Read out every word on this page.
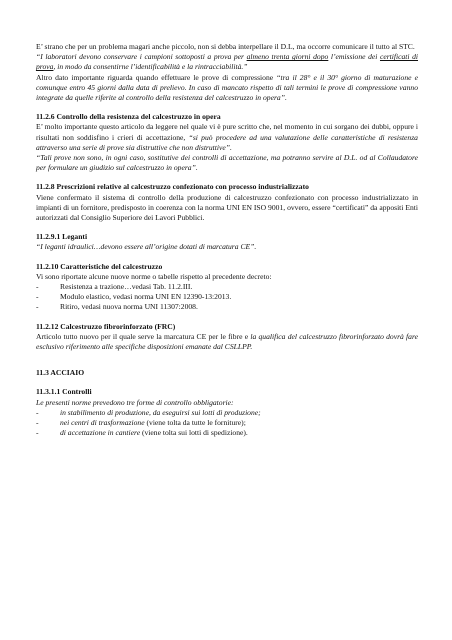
E’ strano che per un problema magari anche piccolo, non si debba interpellare il D.L, ma occorre comunicare il tutto al STC.

“I laboratori devono conservare i campioni sottoposti a prova per almeno trenta giorni dopo l’emissione dei certificati di prova, in modo da consentirne l’identificabilità e la rintracciabilità.”

Altro dato importante riguarda quando effettuare le prove di compressione “tra il 28° e il 30° giorno di maturazione e comunque entro 45 giorni dalla data di prelievo. In caso di mancato rispetto di tali termini le prove di compressione vanno integrate da quelle riferite al controllo della resistenza del calcestruzzo in opera”.

11.2.6 Controllo della resistenza del calcestruzzo in opera

E’ molto importante questo articolo da leggere nel quale vi è pure scritto che, nel momento in cui sorgano dei dubbi, oppure i risultati non soddisfino i crieri di accettazione, “si può procedere ad una valutazione delle caratteristiche di resistenza attraverso una serie di prove sia distruttive che non distruttive”.

“Tali prove non sono, in ogni caso, sostitutive dei controlli di accettazione, ma potranno servire al D.L. od al Collaudatore per formulare un giudizio sul calcestruzzo in opera”.

11.2.8 Prescrizioni relative al calcestruzzo confezionato con processo industrializzato

Viene confermato il sistema di controllo della produzione di calcestruzzo confezionato con processo industrializzato in impianti di un fornitore, predisposto in coerenza con la norma UNI EN ISO 9001, ovvero, essere “certificati” da appositi Enti autorizzati dal Consiglio Superiore dei Lavori Pubblici.

11.2.9.1 Leganti

“I leganti idraulici…devono essere all’origine dotati di marcatura CE”.

11.2.10 Caratteristiche del calcestruzzo

Vi sono riportate alcune nuove norme o tabelle rispetto al precedente decreto:

- Resistenza a trazione…vedasi Tab. 11.2.III.
- Modulo elastico, vedasi norma UNI EN 12390-13:2013.
- Ritiro, vedasi nuova norma UNI 11307:2008.
11.2.12 Calcestruzzo fibrorinforzato (FRC)

Articolo tutto nuovo per il quale serve la marcatura CE per le fibre e la qualifica del calcestruzzo fibrorinforzato dovrà fare esclusivo riferimento alle specifiche disposizioni emanate dal CSLLPP.

11.3 ACCIAIO
11.3.1.1 Controlli

Le presenti norme prevedono tre forme di controllo obbligatorie:

- in stabilimento di produzione, da eseguirsi sui lotti di produzione;
- nei centri di trasformazione (viene tolta da tutte le forniture);
- di accettazione in cantiere (viene tolta sui lotti di spedizione).
